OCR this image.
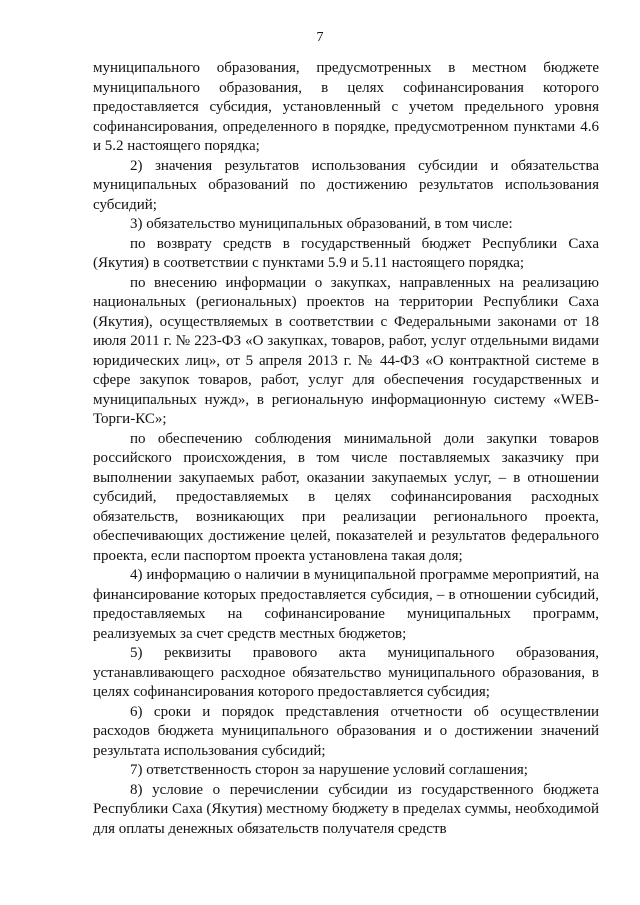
7

муниципального образования, предусмотренных в местном бюджете муниципального образования, в целях софинансирования которого предоставляется субсидия, установленный с учетом предельного уровня софинансирования, определенного в порядке, предусмотренном пунктами 4.6 и 5.2 настоящего порядка;

2) значения результатов использования субсидии и обязательства муниципальных образований по достижению результатов использования субсидий;

3) обязательство муниципальных образований, в том числе:

по возврату средств в государственный бюджет Республики Саха (Якутия) в соответствии с пунктами 5.9 и 5.11 настоящего порядка;

по внесению информации о закупках, направленных на реализацию национальных (региональных) проектов на территории Республики Саха (Якутия), осуществляемых в соответствии с Федеральными законами от 18 июля 2011 г. № 223-ФЗ «О закупках, товаров, работ, услуг отдельными видами юридических лиц», от 5 апреля 2013 г. № 44-ФЗ «О контрактной системе в сфере закупок товаров, работ, услуг для обеспечения государственных и муниципальных нужд», в региональную информационную систему «WEB-Торги-КС»;

по обеспечению соблюдения минимальной доли закупки товаров российского происхождения, в том числе поставляемых заказчику при выполнении закупаемых работ, оказании закупаемых услуг, – в отношении субсидий, предоставляемых в целях софинансирования расходных обязательств, возникающих при реализации регионального проекта, обеспечивающих достижение целей, показателей и результатов федерального проекта, если паспортом проекта установлена такая доля;

4) информацию о наличии в муниципальной программе мероприятий, на финансирование которых предоставляется субсидия, – в отношении субсидий, предоставляемых на софинансирование муниципальных программ, реализуемых за счет средств местных бюджетов;

5) реквизиты правового акта муниципального образования, устанавливающего расходное обязательство муниципального образования, в целях софинансирования которого предоставляется субсидия;

6) сроки и порядок представления отчетности об осуществлении расходов бюджета муниципального образования и о достижении значений результата использования субсидий;

7) ответственность сторон за нарушение условий соглашения;

8) условие о перечислении субсидии из государственного бюджета Республики Саха (Якутия) местному бюджету в пределах суммы, необходимой для оплаты денежных обязательств получателя средств
